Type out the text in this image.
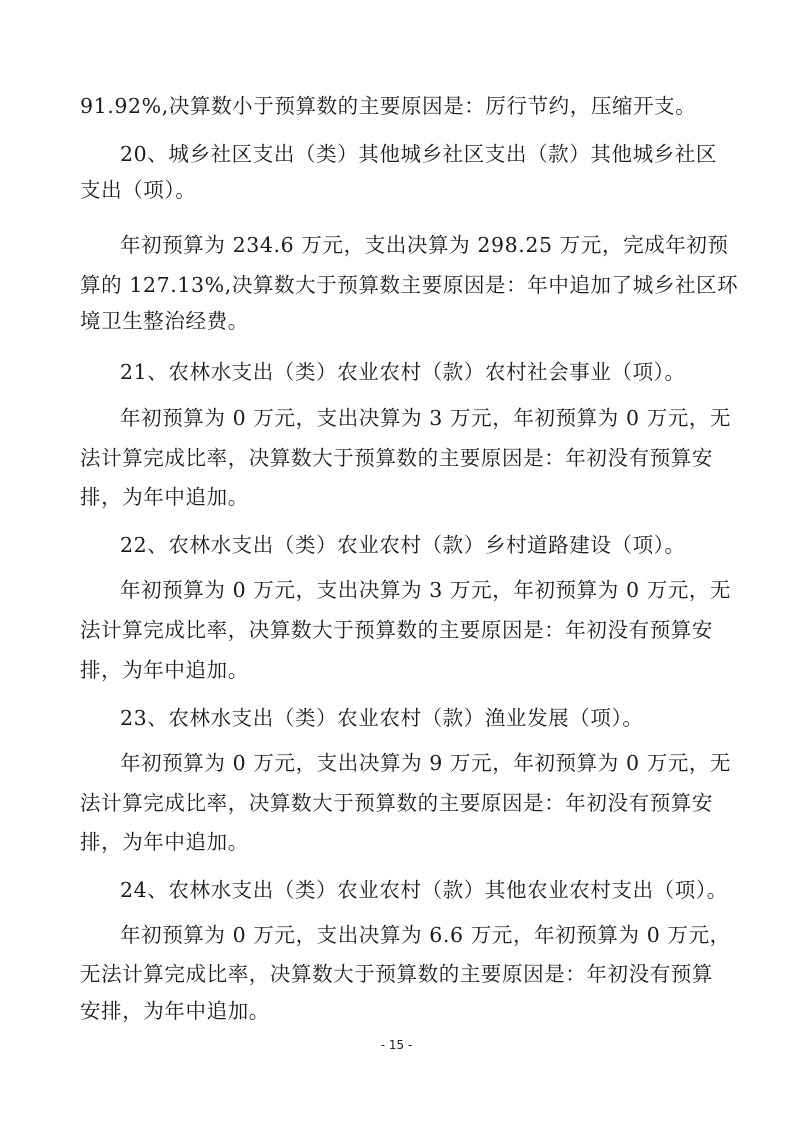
91.92%,决算数小于预算数的主要原因是：厉行节约，压缩开支。
20、城乡社区支出（类）其他城乡社区支出（款）其他城乡社区
支出（项）。
年初预算为 234.6 万元，支出决算为 298.25 万元，完成年初预
算的 127.13%,决算数大于预算数主要原因是：年中追加了城乡社区环
境卫生整治经费。
21、农林水支出（类）农业农村（款）农村社会事业（项）。
年初预算为 0 万元，支出决算为 3 万元，年初预算为 0 万元，无
法计算完成比率，决算数大于预算数的主要原因是：年初没有预算安
排，为年中追加。
22、农林水支出（类）农业农村（款）乡村道路建设（项）。
年初预算为 0 万元，支出决算为 3 万元，年初预算为 0 万元，无
法计算完成比率，决算数大于预算数的主要原因是：年初没有预算安
排，为年中追加。
23、农林水支出（类）农业农村（款）渔业发展（项）。
年初预算为 0 万元，支出决算为 9 万元，年初预算为 0 万元，无
法计算完成比率，决算数大于预算数的主要原因是：年初没有预算安
排，为年中追加。
24、农林水支出（类）农业农村（款）其他农业农村支出（项）。
年初预算为 0 万元，支出决算为 6.6 万元，年初预算为 0 万元，
无法计算完成比率，决算数大于预算数的主要原因是：年初没有预算
安排，为年中追加。
- 15 -
